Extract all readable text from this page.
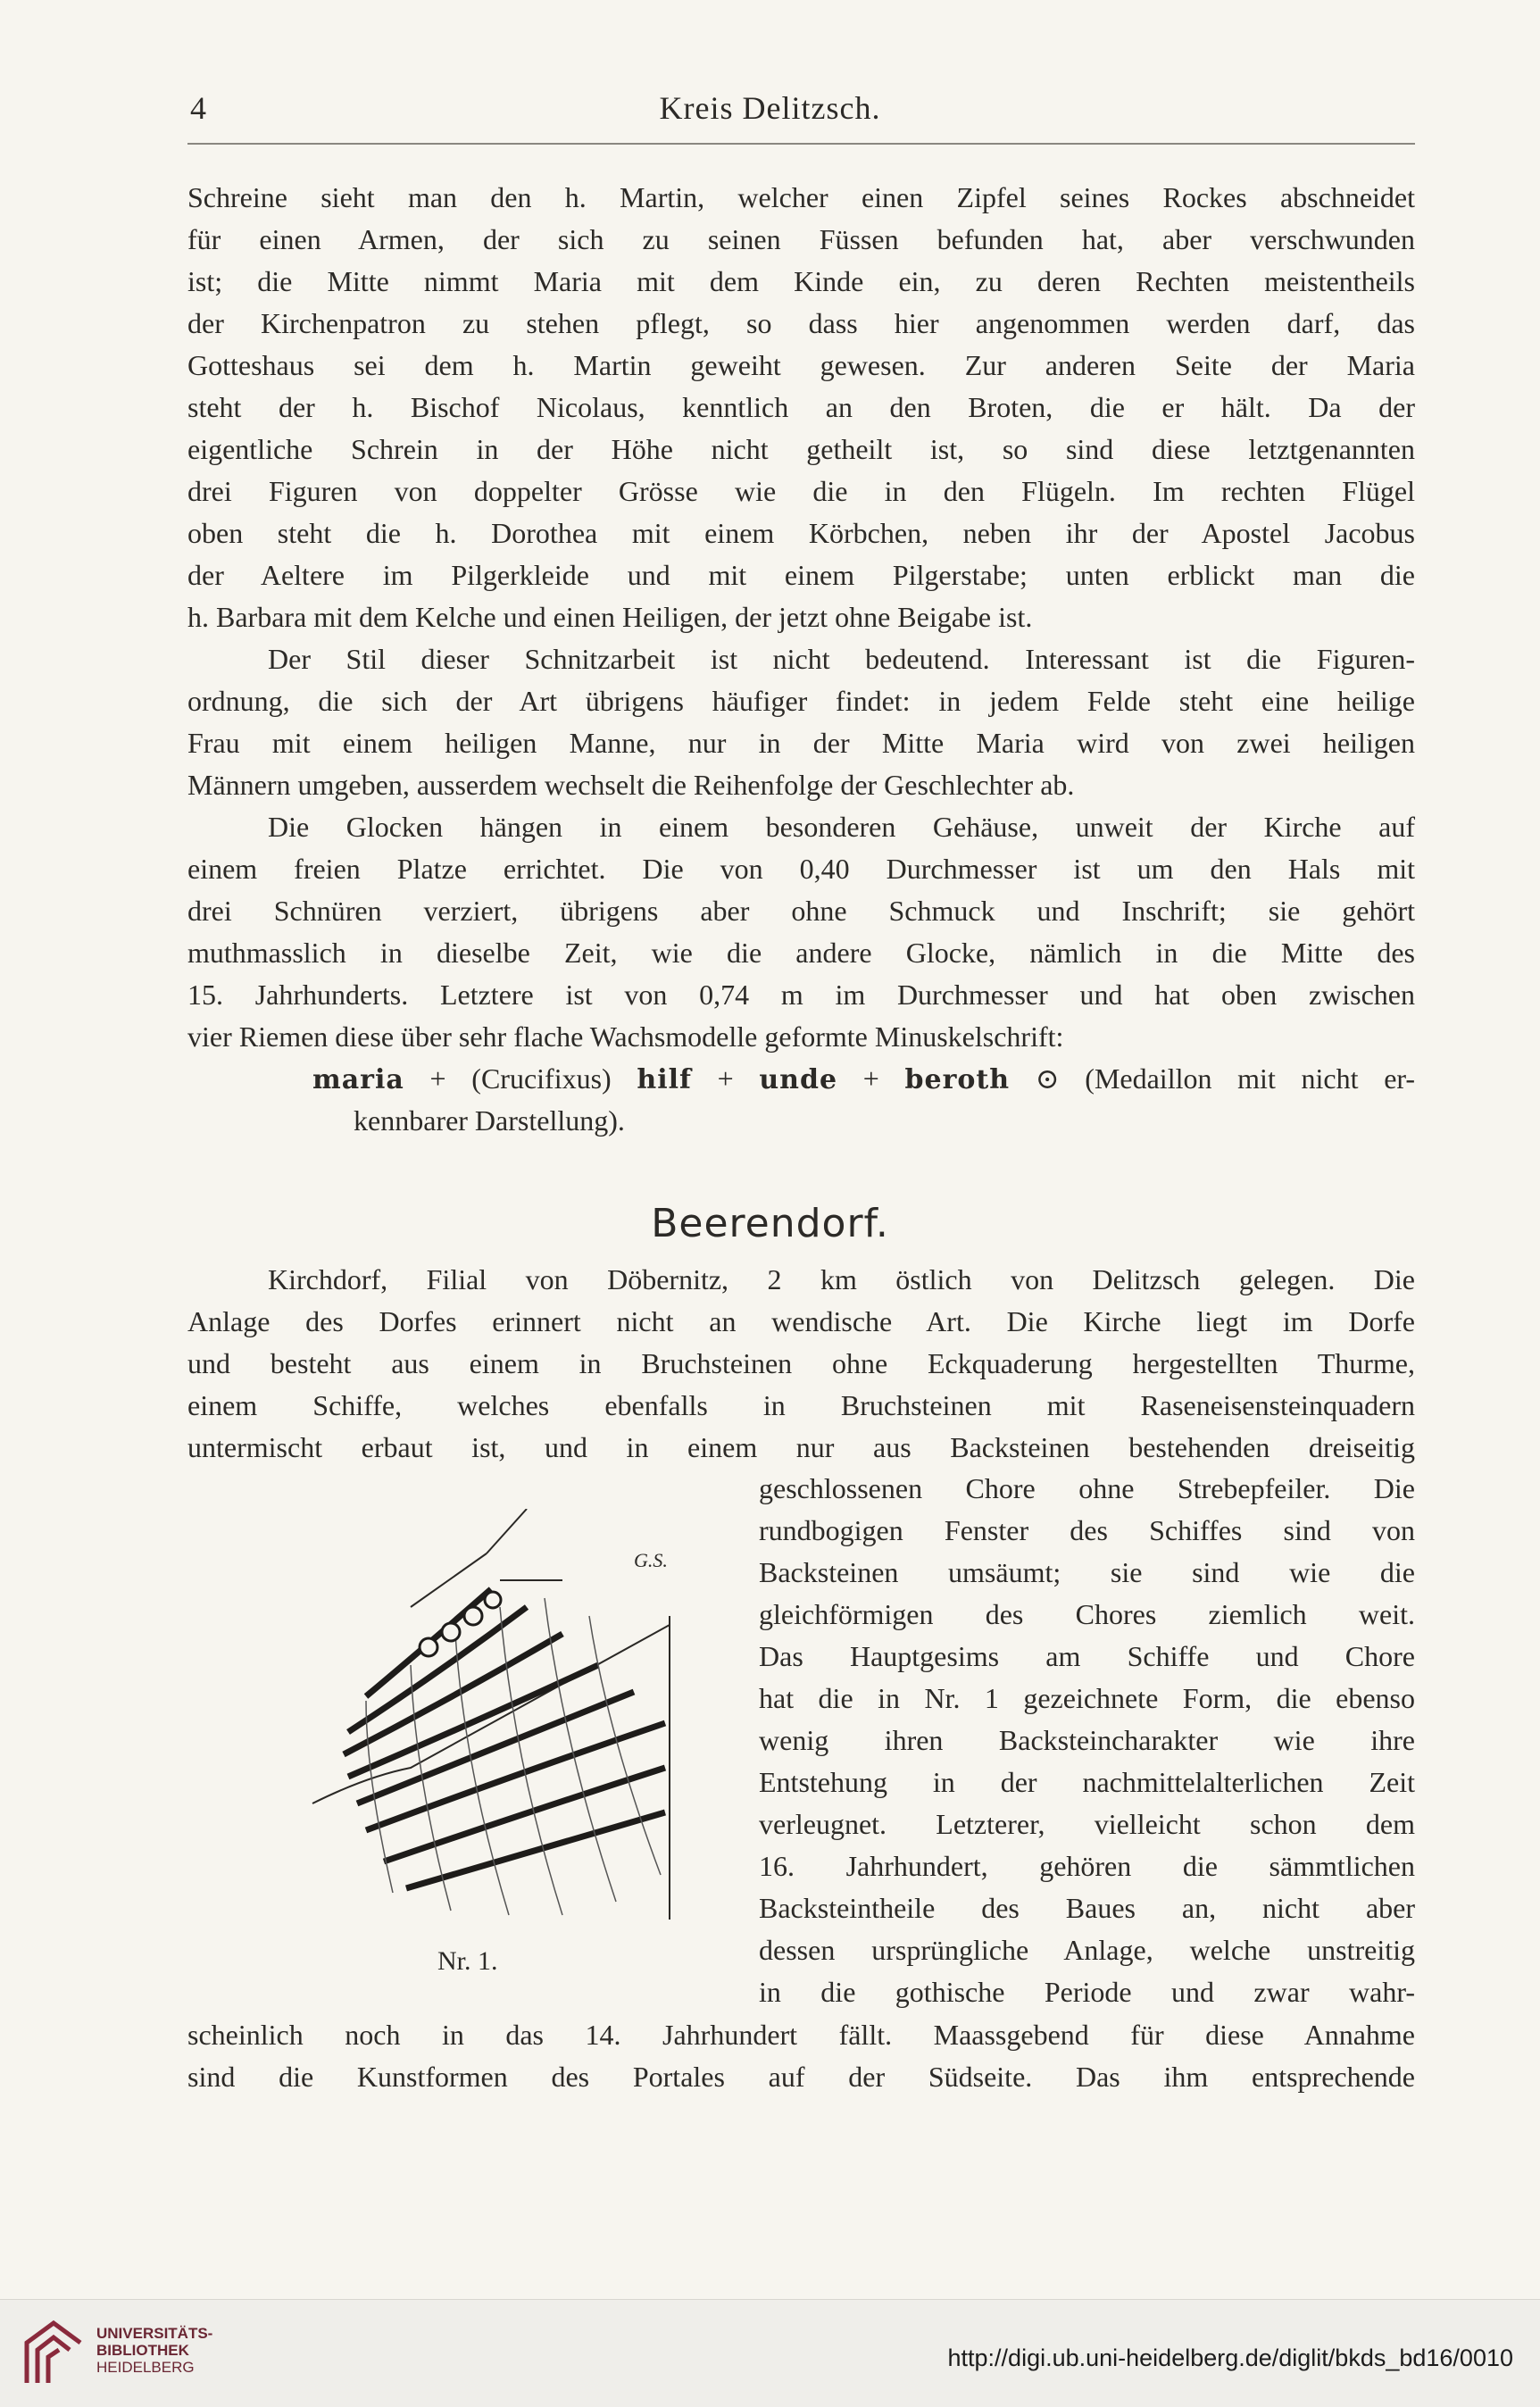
4	Kreis Delitzsch.
Schreine sieht man den h. Martin, welcher einen Zipfel seines Rockes abschneidet
für einen Armen, der sich zu seinen Füssen befunden hat, aber verschwunden
ist; die Mitte nimmt Maria mit dem Kinde ein, zu deren Rechten meistentheils
der Kirchenpatron zu stehen pflegt, so dass hier angenommen werden darf, das
Gotteshaus sei dem h. Martin geweiht gewesen. Zur anderen Seite der Maria
steht der h. Bischof Nicolaus, kenntlich an den Broten, die er hält. Da der
eigentliche Schrein in der Höhe nicht getheilt ist, so sind diese letztgenannten
drei Figuren von doppelter Grösse wie die in den Flügeln. Im rechten Flügel
oben steht die h. Dorothea mit einem Körbchen, neben ihr der Apostel Jacobus
der Aeltere im Pilgerkleide und mit einem Pilgerstabe; unten erblickt man die
h. Barbara mit dem Kelche und einen Heiligen, der jetzt ohne Beigabe ist.
Der Stil dieser Schnitzarbeit ist nicht bedeutend. Interessant ist die Figuren-
ordnung, die sich der Art übrigens häufiger findet: in jedem Felde steht eine heilige
Frau mit einem heiligen Manne, nur in der Mitte Maria wird von zwei heiligen
Männern umgeben, ausserdem wechselt die Reihenfolge der Geschlechter ab.
Die Glocken hängen in einem besonderen Gehäuse, unweit der Kirche auf
einem freien Platze errichtet. Die von 0,40 Durchmesser ist um den Hals mit
drei Schnüren verziert, übrigens aber ohne Schmuck und Inschrift; sie gehört
muthmasslich in dieselbe Zeit, wie die andere Glocke, nämlich in die Mitte des
15. Jahrhunderts. Letztere ist von 0,74 m im Durchmesser und hat oben zwischen
vier Riemen diese über sehr flache Wachsmodelle geformte Minuskelschrift:
maria + (Crucifixus) hilf + unde + beroth ⊙ (Medaillon mit nicht er-
kennbarer Darstellung).
Beerendorf.
Kirchdorf, Filial von Döbernitz, 2 km östlich von Delitzsch gelegen. Die
Anlage des Dorfes erinnert nicht an wendische Art. Die Kirche liegt im Dorfe
und besteht aus einem in Bruchsteinen ohne Eckquaderung hergestellten Thurme,
einem Schiffe, welches ebenfalls in Bruchsteinen mit Raseneisensteinquadern
untermischt erbaut ist, und in einem nur aus Backsteinen bestehenden dreiseitig
geschlossenen Chore ohne Strebepfeiler. Die
rundbogigen Fenster des Schiffes sind von
Backsteinen umsäumt; sie sind wie die
gleichförmigen des Chores ziemlich weit.
Das Hauptgesims am Schiffe und Chore
hat die in Nr. 1 gezeichnete Form, die ebenso
wenig ihren Backsteincharakter wie ihre
Entstehung in der nachmittelalterlichen Zeit
verleugnet. Letzterer, vielleicht schon dem
16. Jahrhundert, gehören die sämmtlichen
Backsteintheile des Baues an, nicht aber
dessen ursprüngliche Anlage, welche unstreitig
in die gothische Periode und zwar wahr-
G.S.
Nr. 1.
scheinlich noch in das 14. Jahrhundert fällt. Maassgebend für diese Annahme
sind die Kunstformen des Portales auf der Südseite. Das ihm entsprechende
UNIVERSITÄTS-
BIBLIOTHEK
HEIDELBERG	http://digi.ub.uni-heidelberg.de/diglit/bkds_bd16/0010
